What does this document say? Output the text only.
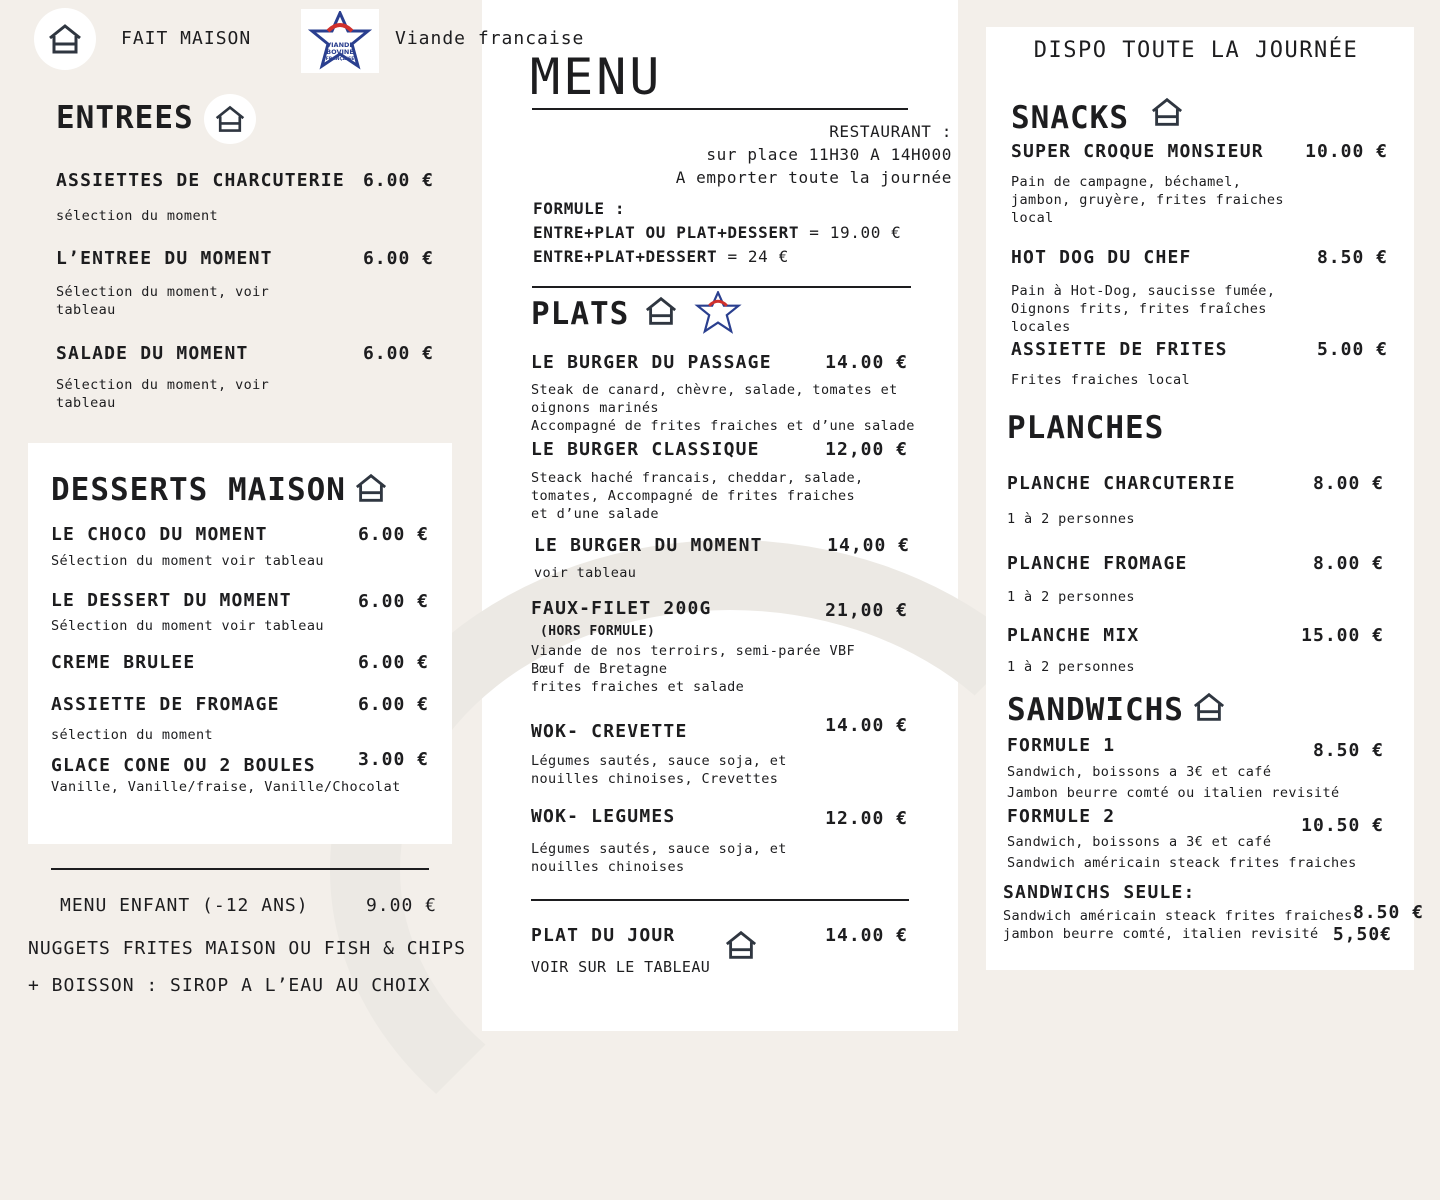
FAIT MAISON	VIANDE
BOVINE
FRANÇAISE
Viande francaise
ENTREES
ASSIETTES DE CHARCUTERIE	6.00 €
sélection du moment
L’ENTREE DU MOMENT	6.00 €
Sélection du moment, voir
tableau
SALADE DU MOMENT	6.00 €
Sélection du moment, voir
tableau
DESSERTS MAISON
LE CHOCO DU MOMENT	6.00 €
Sélection du moment voir tableau
LE DESSERT DU MOMENT	6.00 €
Sélection du moment voir tableau
CREME BRULEE	6.00 €
ASSIETTE DE FROMAGE	6.00 €
sélection du moment
GLACE CONE OU 2 BOULES	3.00 €
Vanille, Vanille/fraise, Vanille/Chocolat
MENU ENFANT (-12 ANS)	9.00 €
NUGGETS FRITES MAISON OU FISH & CHIPS
+ BOISSON : SIROP A L’EAU AU CHOIX
MENU
RESTAURANT :
sur place 11H30 A 14H000
A emporter toute la journée
FORMULE :
ENTRE+PLAT OU PLAT+DESSERT = 19.00 €
ENTRE+PLAT+DESSERT = 24 €
PLATS
LE BURGER DU PASSAGE	14.00 €
Steak de canard, chèvre, salade, tomates et
oignons marinés
Accompagné de frites fraiches et d’une salade
LE BURGER CLASSIQUE	12,00 €
Steack haché francais, cheddar, salade,
tomates, Accompagné de frites fraiches
et d’une salade
LE BURGER DU MOMENT	14,00 €
voir tableau
FAUX-FILET 200G	21,00 €
(HORS FORMULE)
Viande de nos terroirs, semi-parée VBF
Bœuf de Bretagne
frites fraiches et salade
WOK- CREVETTE	14.00 €
Légumes sautés, sauce soja, et
nouilles chinoises, Crevettes
WOK- LEGUMES	12.00 €
Légumes sautés, sauce soja, et
nouilles chinoises
PLAT DU JOUR	14.00 €
VOIR SUR LE TABLEAU
DISPO TOUTE LA JOURNÉE
SNACKS
SUPER CROQUE MONSIEUR	10.00 €
Pain de campagne, béchamel,
jambon, gruyère, frites fraiches
local
HOT DOG DU CHEF	8.50 €
Pain à Hot-Dog, saucisse fumée,
Oignons frits, frites fraîches
locales
ASSIETTE DE FRITES	5.00 €
Frites fraiches local
PLANCHES
PLANCHE CHARCUTERIE	8.00 €
1 à 2 personnes
PLANCHE FROMAGE	8.00 €
1 à 2 personnes
PLANCHE MIX	15.00 €
1 à 2 personnes
SANDWICHS
FORMULE 1	8.50 €
Sandwich, boissons a 3€ et café
Jambon beurre comté ou italien revisité
FORMULE 2	10.50 €
Sandwich, boissons a 3€ et café
Sandwich américain steack frites fraiches
SANDWICHS SEULE:
Sandwich américain steack frites fraiches 8.50 €
jambon beurre comté, italien revisité 5,50€
